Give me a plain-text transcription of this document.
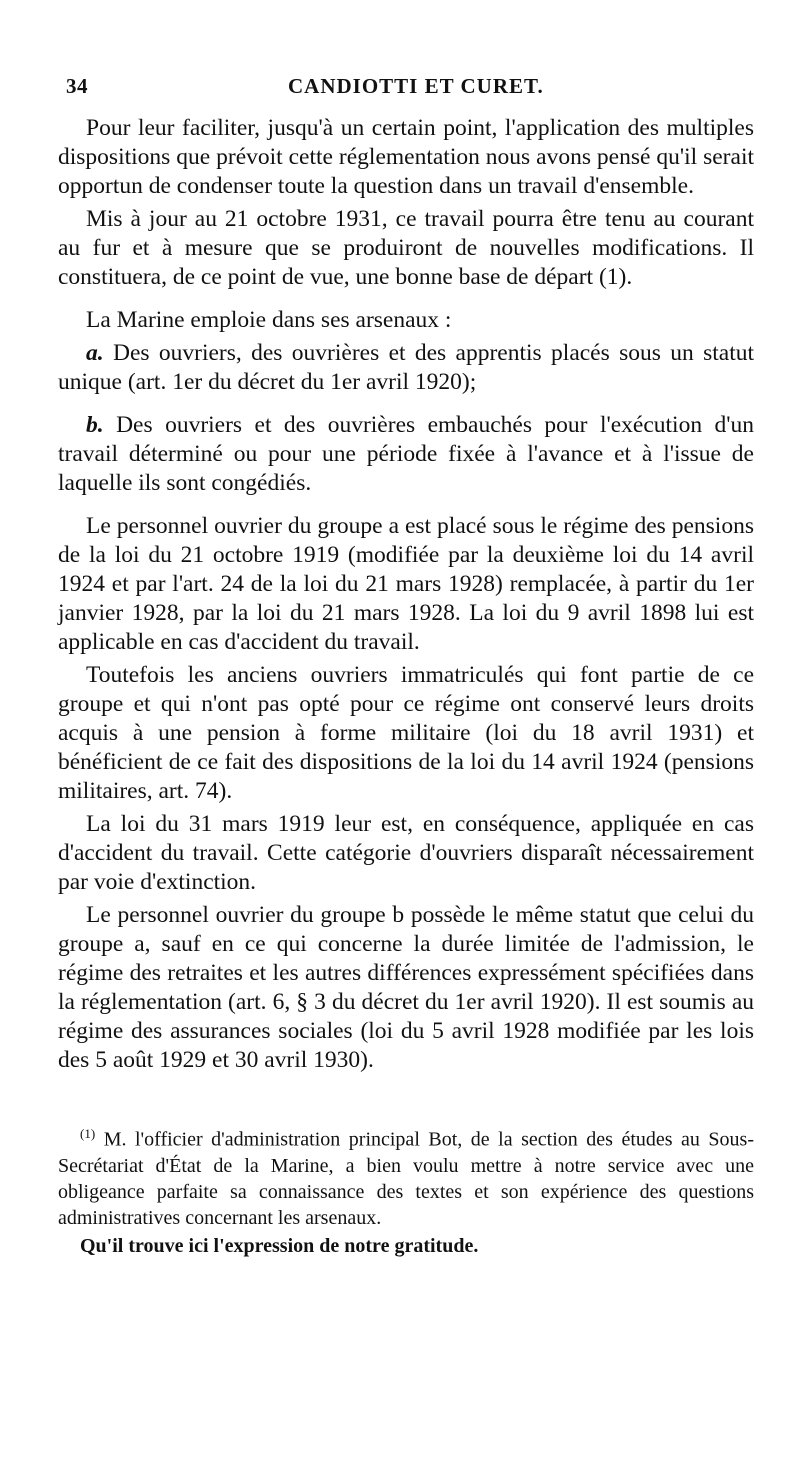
34	CANDIOTTI ET CURET.

Pour leur faciliter, jusqu'à un certain point, l'application des multiples dispositions que prévoit cette réglementation nous avons pensé qu'il serait opportun de condenser toute la question dans un travail d'ensemble.

Mis à jour au 21 octobre 1931, ce travail pourra être tenu au courant au fur et à mesure que se produiront de nouvelles modifications. Il constituera, de ce point de vue, une bonne base de départ (1).

La Marine emploie dans ses arsenaux :

a. Des ouvriers, des ouvrières et des apprentis placés sous un statut unique (art. 1er du décret du 1er avril 1920);

b. Des ouvriers et des ouvrières embauchés pour l'exécution d'un travail déterminé ou pour une période fixée à l'avance et à l'issue de laquelle ils sont congédiés.

Le personnel ouvrier du groupe a est placé sous le régime des pensions de la loi du 21 octobre 1919 (modifiée par la deuxième loi du 14 avril 1924 et par l'art. 24 de la loi du 21 mars 1928) remplacée, à partir du 1er janvier 1928, par la loi du 21 mars 1928. La loi du 9 avril 1898 lui est applicable en cas d'accident du travail.

Toutefois les anciens ouvriers immatriculés qui font partie de ce groupe et qui n'ont pas opté pour ce régime ont conservé leurs droits acquis à une pension à forme militaire (loi du 18 avril 1931) et bénéficient de ce fait des dispositions de la loi du 14 avril 1924 (pensions militaires, art. 74).

La loi du 31 mars 1919 leur est, en conséquence, appliquée en cas d'accident du travail. Cette catégorie d'ouvriers disparaît nécessairement par voie d'extinction.

Le personnel ouvrier du groupe b possède le même statut que celui du groupe a, sauf en ce qui concerne la durée limitée de l'admission, le régime des retraites et les autres différences expressément spécifiées dans la réglementation (art. 6, § 3 du décret du 1er avril 1920). Il est soumis au régime des assurances sociales (loi du 5 avril 1928 modifiée par les lois des 5 août 1929 et 30 avril 1930).

$^{(1)}$ M. l'officier d'administration principal Bot, de la section des études au Sous-Secrétariat d'État de la Marine, a bien voulu mettre à notre service avec une obligeance parfaite sa connaissance des textes et son expérience des questions administratives concernant les arsenaux.

Qu'il trouve ici l'expression de notre gratitude.
